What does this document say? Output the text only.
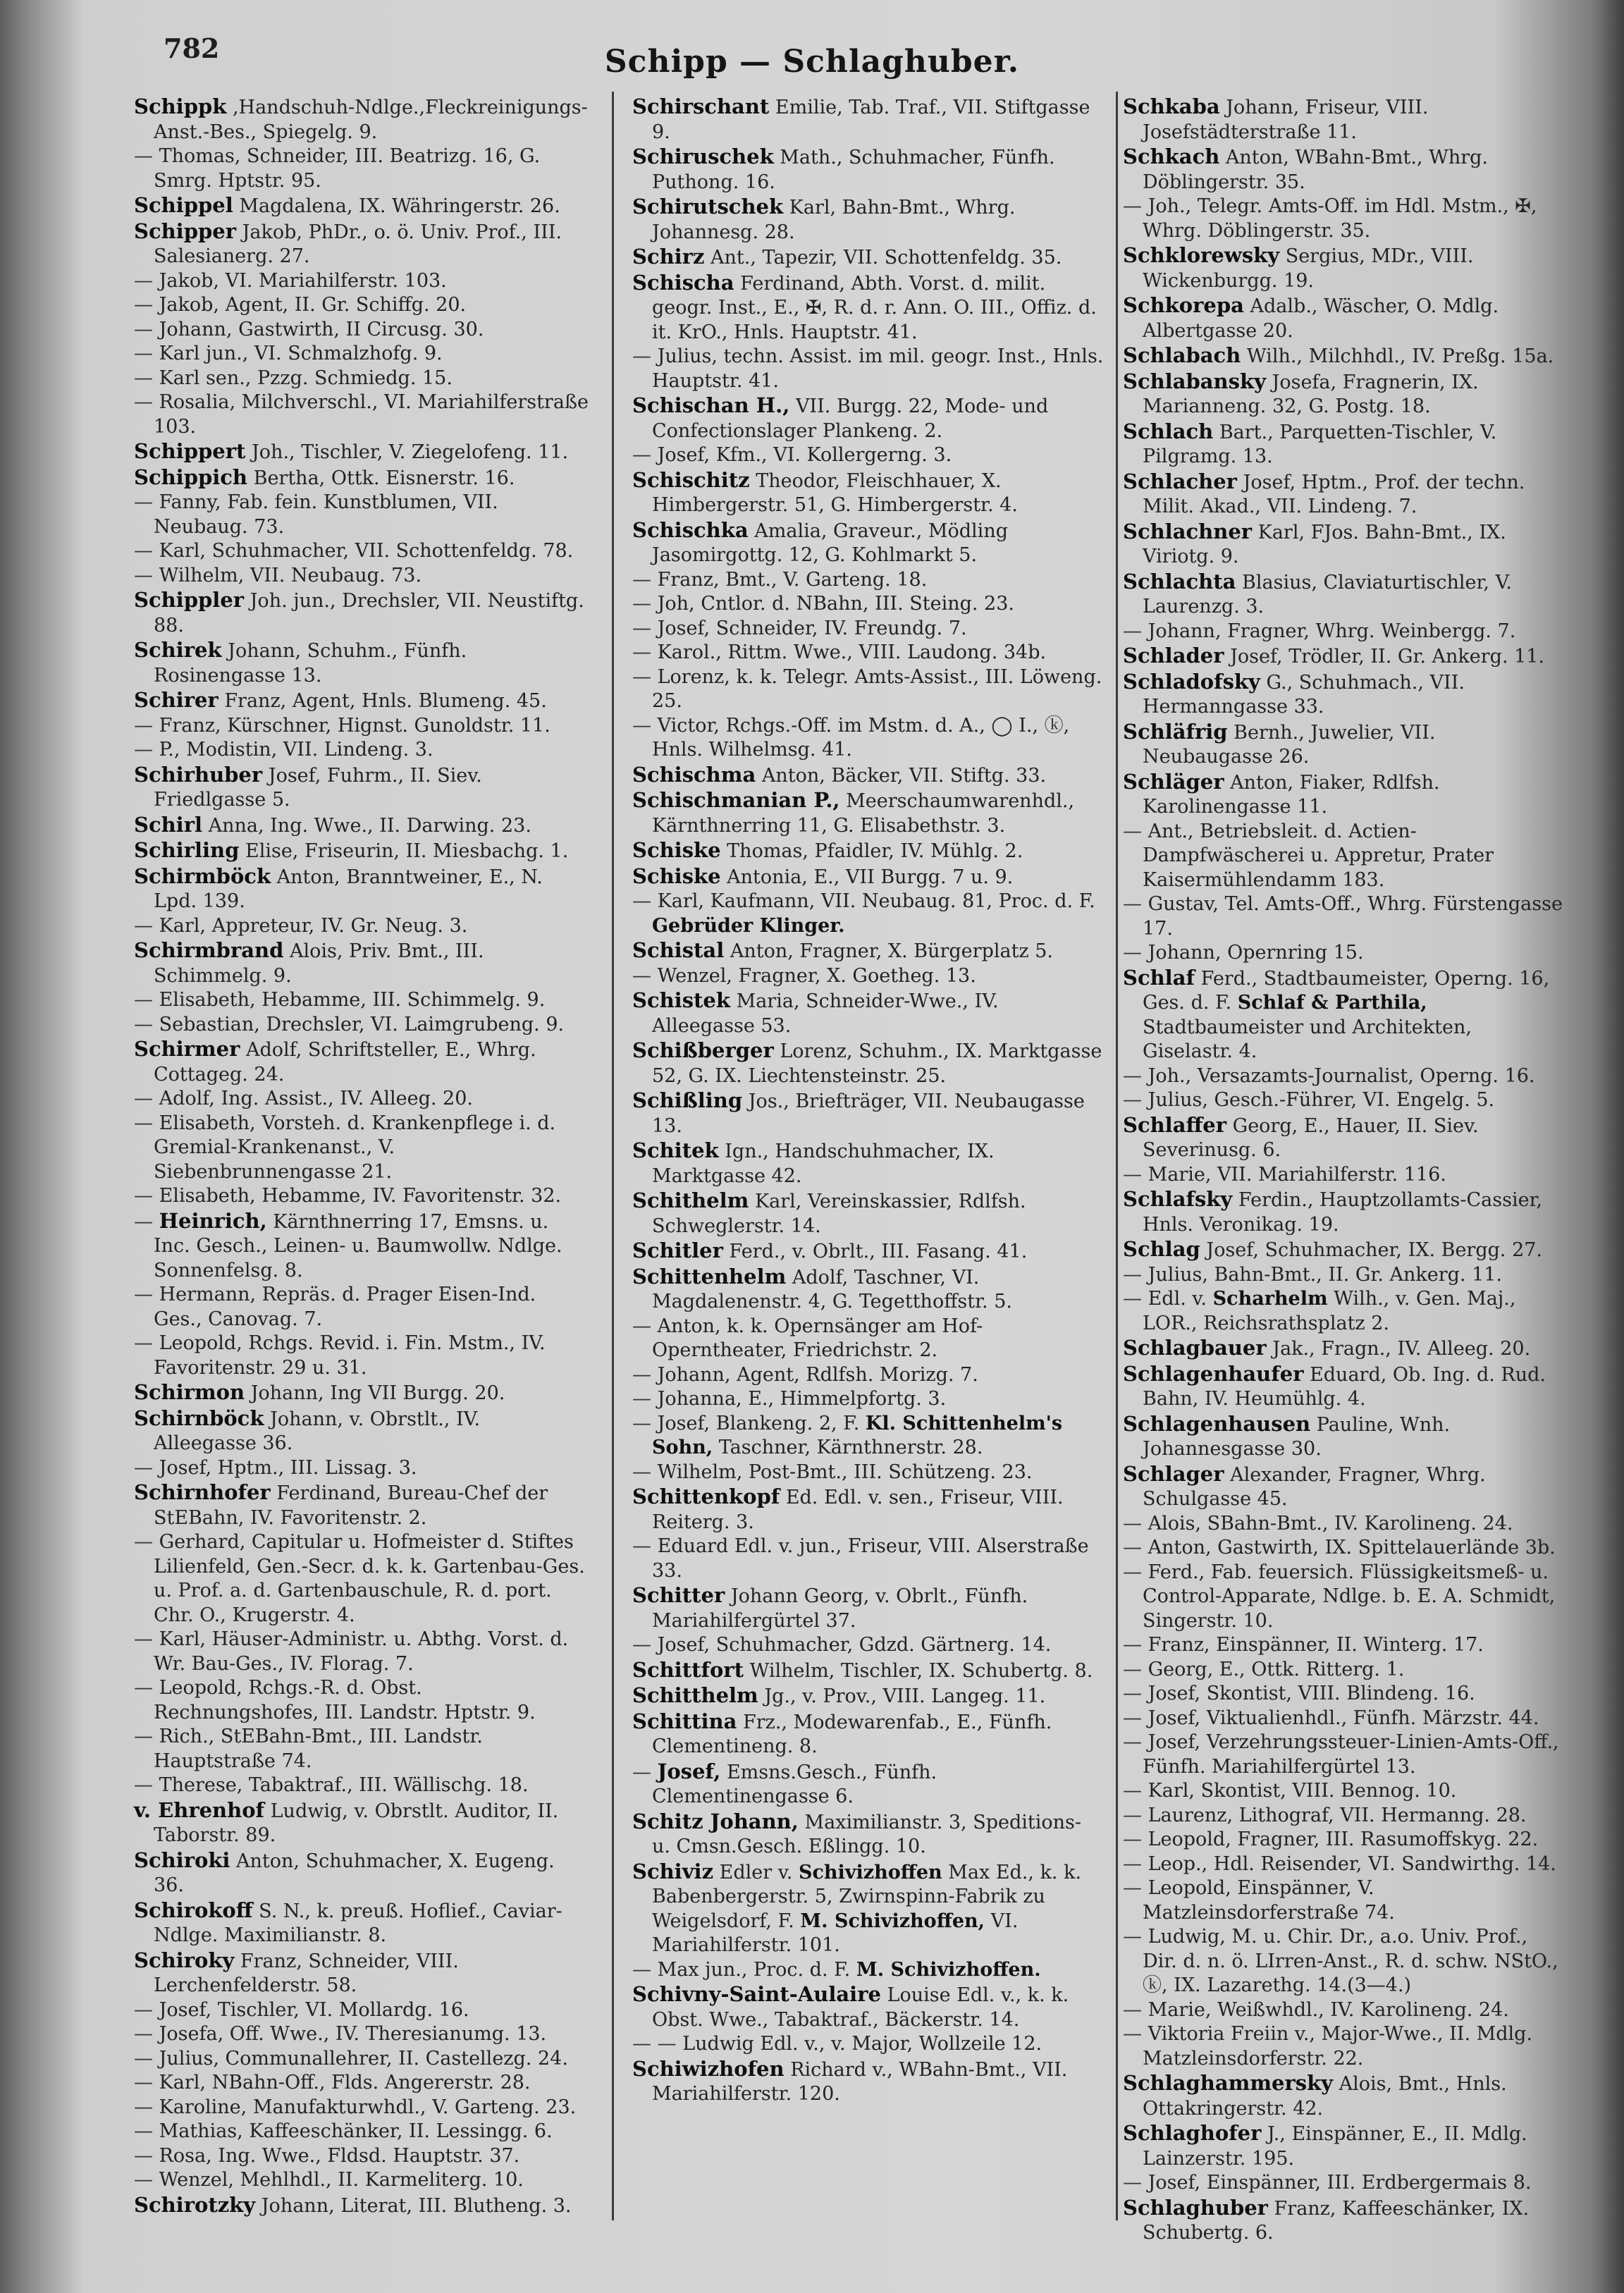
782	Schipp — Schlaghuber.
Schippk ,Handschuh-Ndlge.,Fleckreinigungs-Anst.-Bes., Spiegelg. 9.
— Thomas, Schneider, III. Beatrizg. 16, G. Smrg. Hptstr. 95.
Schippel Magdalena, IX. Währingerstr. 26.
Schipper Jakob, PhDr., o. ö. Univ. Prof., III. Salesianerg. 27.
— Jakob, VI. Mariahilferstr. 103.
— Jakob, Agent, II. Gr. Schiffg. 20.
— Johann, Gastwirth, II Circusg. 30.
— Karl jun., VI. Schmalzhofg. 9.
— Karl sen., Pzzg. Schmiedg. 15.
— Rosalia, Milchverschl., VI. Mariahilferstraße 103.
Schippert Joh., Tischler, V. Ziegelofeng. 11.
Schippich Bertha, Ottk. Eisnerstr. 16.
— Fanny, Fab. fein. Kunstblumen, VII. Neubaug. 73.
— Karl, Schuhmacher, VII. Schottenfeldg. 78.
— Wilhelm, VII. Neubaug. 73.
Schippler Joh. jun., Drechsler, VII. Neustiftg. 88.
Schirek Johann, Schuhm., Fünfh. Rosinengasse 13.
Schirer Franz, Agent, Hnls. Blumeng. 45.
— Franz, Kürschner, Hignst. Gunoldstr. 11.
— P., Modistin, VII. Lindeng. 3.
Schirhuber Josef, Fuhrm., II. Siev. Friedlgasse 5.
Schirl Anna, Ing. Wwe., II. Darwing. 23.
Schirling Elise, Friseurin, II. Miesbachg. 1.
Schirmböck Anton, Branntweiner, E., N. Lpd. 139.
— Karl, Appreteur, IV. Gr. Neug. 3.
Schirmbrand Alois, Priv. Bmt., III. Schimmelg. 9.
— Elisabeth, Hebamme, III. Schimmelg. 9.
— Sebastian, Drechsler, VI. Laimgrubeng. 9.
Schirmer Adolf, Schriftsteller, E., Whrg. Cottageg. 24.
— Adolf, Ing. Assist., IV. Alleeg. 20.
— Elisabeth, Vorsteh. d. Krankenpflege i. d. Gremial-Krankenanst., V. Siebenbrunnengasse 21.
— Elisabeth, Hebamme, IV. Favoritenstr. 32.
— Heinrich, Kärnthnerring 17, Emsns. u. Inc. Gesch., Leinen- u. Baumwollw. Ndlge. Sonnenfelsg. 8.
— Hermann, Repräs. d. Prager Eisen-Ind. Ges., Canovag. 7.
— Leopold, Rchgs. Revid. i. Fin. Mstm., IV. Favoritenstr. 29 u. 31.
Schirmon Johann, Ing VII Burgg. 20.
Schirnböck Johann, v. Obrstlt., IV. Alleegasse 36.
— Josef, Hptm., III. Lissag. 3.
Schirnhofer Ferdinand, Bureau-Chef der StEBahn, IV. Favoritenstr. 2.
— Gerhard, Capitular u. Hofmeister d. Stiftes Lilienfeld, Gen.-Secr. d. k. k. Gartenbau-Ges. u. Prof. a. d. Gartenbauschule, R. d. port. Chr. O., Krugerstr. 4.
— Karl, Häuser-Administr. u. Abthg. Vorst. d. Wr. Bau-Ges., IV. Florag. 7.
— Leopold, Rchgs.-R. d. Obst. Rechnungshofes, III. Landstr. Hptstr. 9.
— Rich., StEBahn-Bmt., III. Landstr. Hauptstraße 74.
— Therese, Tabaktraf., III. Wällischg. 18.
v. Ehrenhof Ludwig, v. Obrstlt. Auditor, II. Taborstr. 89.
Schiroki Anton, Schuhmacher, X. Eugeng. 36.
Schirokoff S. N., k. preuß. Hoflief., Caviar-Ndlge. Maximilianstr. 8.
Schiroky Franz, Schneider, VIII. Lerchenfelderstr. 58.
— Josef, Tischler, VI. Mollardg. 16.
— Josefa, Off. Wwe., IV. Theresianumg. 13.
— Julius, Communallehrer, II. Castellezg. 24.
— Karl, NBahn-Off., Flds. Angererstr. 28.
— Karoline, Manufakturwhdl., V. Garteng. 23.
— Mathias, Kaffeeschänker, II. Lessingg. 6.
— Rosa, Ing. Wwe., Fldsd. Hauptstr. 37.
— Wenzel, Mehlhdl., II. Karmeliterg. 10.
Schirotzky Johann, Literat, III. Blutheng. 3.
Schirschant Emilie, Tab. Traf., VII. Stiftgasse 9.
Schiruschek Math., Schuhmacher, Fünfh. Puthong. 16.
Schirutschek Karl, Bahn-Bmt., Whrg. Johannesg. 28.
Schirz Ant., Tapezir, VII. Schottenfeldg. 35.
Schischa Ferdinand, Abth. Vorst. d. milit. geogr. Inst., E., ✠, R. d. r. Ann. O. III., Offiz. d. it. KrO., Hnls. Hauptstr. 41.
— Julius, techn. Assist. im mil. geogr. Inst., Hnls. Hauptstr. 41.
Schischan H., VII. Burgg. 22, Mode- und Confectionslager Plankeng. 2.
— Josef, Kfm., VI. Kollergerng. 3.
Schischitz Theodor, Fleischhauer, X. Himbergerstr. 51, G. Himbergerstr. 4.
Schischka Amalia, Graveur., Mödling Jasomirgottg. 12, G. Kohlmarkt 5.
— Franz, Bmt., V. Garteng. 18.
— Joh, Cntlor. d. NBahn, III. Steing. 23.
— Josef, Schneider, IV. Freundg. 7.
— Karol., Rittm. Wwe., VIII. Laudong. 34b.
— Lorenz, k. k. Telegr. Amts-Assist., III. Löweng. 25.
— Victor, Rchgs.-Off. im Mstm. d. A., ◯ I., ⓚ, Hnls. Wilhelmsg. 41.
Schischma Anton, Bäcker, VII. Stiftg. 33.
Schischmanian P., Meerschaumwarenhdl., Kärnthnerring 11, G. Elisabethstr. 3.
Schiske Thomas, Pfaidler, IV. Mühlg. 2.
Schiske Antonia, E., VII Burgg. 7 u. 9.
— Karl, Kaufmann, VII. Neubaug. 81, Proc. d. F. Gebrüder Klinger.
Schistal Anton, Fragner, X. Bürgerplatz 5.
— Wenzel, Fragner, X. Goetheg. 13.
Schistek Maria, Schneider-Wwe., IV. Alleegasse 53.
Schißberger Lorenz, Schuhm., IX. Marktgasse 52, G. IX. Liechtensteinstr. 25.
Schißling Jos., Briefträger, VII. Neubaugasse 13.
Schitek Ign., Handschuhmacher, IX. Marktgasse 42.
Schithelm Karl, Vereinskassier, Rdlfsh. Schweglerstr. 14.
Schitler Ferd., v. Obrlt., III. Fasang. 41.
Schittenhelm Adolf, Taschner, VI. Magdalenenstr. 4, G. Tegetthoffstr. 5.
— Anton, k. k. Opernsänger am Hof-Operntheater, Friedrichstr. 2.
— Johann, Agent, Rdlfsh. Morizg. 7.
— Johanna, E., Himmelpfortg. 3.
— Josef, Blankeng. 2, F. Kl. Schittenhelm's Sohn, Taschner, Kärnthnerstr. 28.
— Wilhelm, Post-Bmt., III. Schützeng. 23.
Schittenkopf Ed. Edl. v. sen., Friseur, VIII. Reiterg. 3.
— Eduard Edl. v. jun., Friseur, VIII. Alserstraße 33.
Schitter Johann Georg, v. Obrlt., Fünfh. Mariahilfergürtel 37.
— Josef, Schuhmacher, Gdzd. Gärtnerg. 14.
Schittfort Wilhelm, Tischler, IX. Schubertg. 8.
Schitthelm Jg., v. Prov., VIII. Langeg. 11.
Schittina Frz., Modewarenfab., E., Fünfh. Clementineng. 8.
— Josef, Emsns.Gesch., Fünfh. Clementinengasse 6.
Schitz Johann, Maximilianstr. 3, Speditions- u. Cmsn.Gesch. Eßlingg. 10.
Schiviz Edler v. Schivizhoffen Max Ed., k. k. Babenbergerstr. 5, Zwirnspinn-Fabrik zu Weigelsdorf, F. M. Schivizhoffen, VI. Mariahilferstr. 101.
— Max jun., Proc. d. F. M. Schivizhoffen.
Schivny-Saint-Aulaire Louise Edl. v., k. k. Obst. Wwe., Tabaktraf., Bäckerstr. 14.
— — Ludwig Edl. v., v. Major, Wollzeile 12.
Schiwizhofen Richard v., WBahn-Bmt., VII. Mariahilferstr. 120.
Schkaba Johann, Friseur, VIII. Josefstädterstraße 11.
Schkach Anton, WBahn-Bmt., Whrg. Döblingerstr. 35.
— Joh., Telegr. Amts-Off. im Hdl. Mstm., ✠, Whrg. Döblingerstr. 35.
Schklorewsky Sergius, MDr., VIII. Wickenburgg. 19.
Schkorepa Adalb., Wäscher, O. Mdlg. Albertgasse 20.
Schlabach Wilh., Milchhdl., IV. Preßg. 15a.
Schlabansky Josefa, Fragnerin, IX. Marianneng. 32, G. Postg. 18.
Schlach Bart., Parquetten-Tischler, V. Pilgramg. 13.
Schlacher Josef, Hptm., Prof. der techn. Milit. Akad., VII. Lindeng. 7.
Schlachner Karl, FJos. Bahn-Bmt., IX. Viriotg. 9.
Schlachta Blasius, Claviaturtischler, V. Laurenzg. 3.
— Johann, Fragner, Whrg. Weinbergg. 7.
Schlader Josef, Trödler, II. Gr. Ankerg. 11.
Schladofsky G., Schuhmach., VII. Hermanngasse 33.
Schläfrig Bernh., Juwelier, VII. Neubaugasse 26.
Schläger Anton, Fiaker, Rdlfsh. Karolinengasse 11.
— Ant., Betriebsleit. d. Actien-Dampfwäscherei u. Appretur, Prater Kaisermühlendamm 183.
— Gustav, Tel. Amts-Off., Whrg. Fürstengasse 17.
— Johann, Opernring 15.
Schlaf Ferd., Stadtbaumeister, Operng. 16, Ges. d. F. Schlaf & Parthila, Stadtbaumeister und Architekten, Giselastr. 4.
— Joh., Versazamts-Journalist, Operng. 16.
— Julius, Gesch.-Führer, VI. Engelg. 5.
Schlaffer Georg, E., Hauer, II. Siev. Severinusg. 6.
— Marie, VII. Mariahilferstr. 116.
Schlafsky Ferdin., Hauptzollamts-Cassier, Hnls. Veronikag. 19.
Schlag Josef, Schuhmacher, IX. Bergg. 27.
— Julius, Bahn-Bmt., II. Gr. Ankerg. 11.
— Edl. v. Scharhelm Wilh., v. Gen. Maj., LOR., Reichsrathsplatz 2.
Schlagbauer Jak., Fragn., IV. Alleeg. 20.
Schlagenhaufer Eduard, Ob. Ing. d. Rud. Bahn, IV. Heumühlg. 4.
Schlagenhausen Pauline, Wnh. Johannesgasse 30.
Schlager Alexander, Fragner, Whrg. Schulgasse 45.
— Alois, SBahn-Bmt., IV. Karolineng. 24.
— Anton, Gastwirth, IX. Spittelauerlände 3b.
— Ferd., Fab. feuersich. Flüssigkeitsmeß- u. Control-Apparate, Ndlge. b. E. A. Schmidt, Singerstr. 10.
— Franz, Einspänner, II. Winterg. 17.
— Georg, E., Ottk. Ritterg. 1.
— Josef, Skontist, VIII. Blindeng. 16.
— Josef, Viktualienhdl., Fünfh. Märzstr. 44.
— Josef, Verzehrungssteuer-Linien-Amts-Off., Fünfh. Mariahilfergürtel 13.
— Karl, Skontist, VIII. Bennog. 10.
— Laurenz, Lithograf, VII. Hermanng. 28.
— Leopold, Fragner, III. Rasumoffskyg. 22.
— Leop., Hdl. Reisender, VI. Sandwirthg. 14.
— Leopold, Einspänner, V. Matzleinsdorferstraße 74.
— Ludwig, M. u. Chir. Dr., a.o. Univ. Prof., Dir. d. n. ö. LIrren-Anst., R. d. schw. NStO., ⓚ, IX. Lazarethg. 14.(3—4.)
— Marie, Weißwhdl., IV. Karolineng. 24.
— Viktoria Freiin v., Major-Wwe., II. Mdlg. Matzleinsdorferstr. 22.
Schlaghammersky Alois, Bmt., Hnls. Ottakringerstr. 42.
Schlaghofer J., Einspänner, E., II. Mdlg. Lainzerstr. 195.
— Josef, Einspänner, III. Erdbergermais 8.
Schlaghuber Franz, Kaffeeschänker, IX. Schubertg. 6.
